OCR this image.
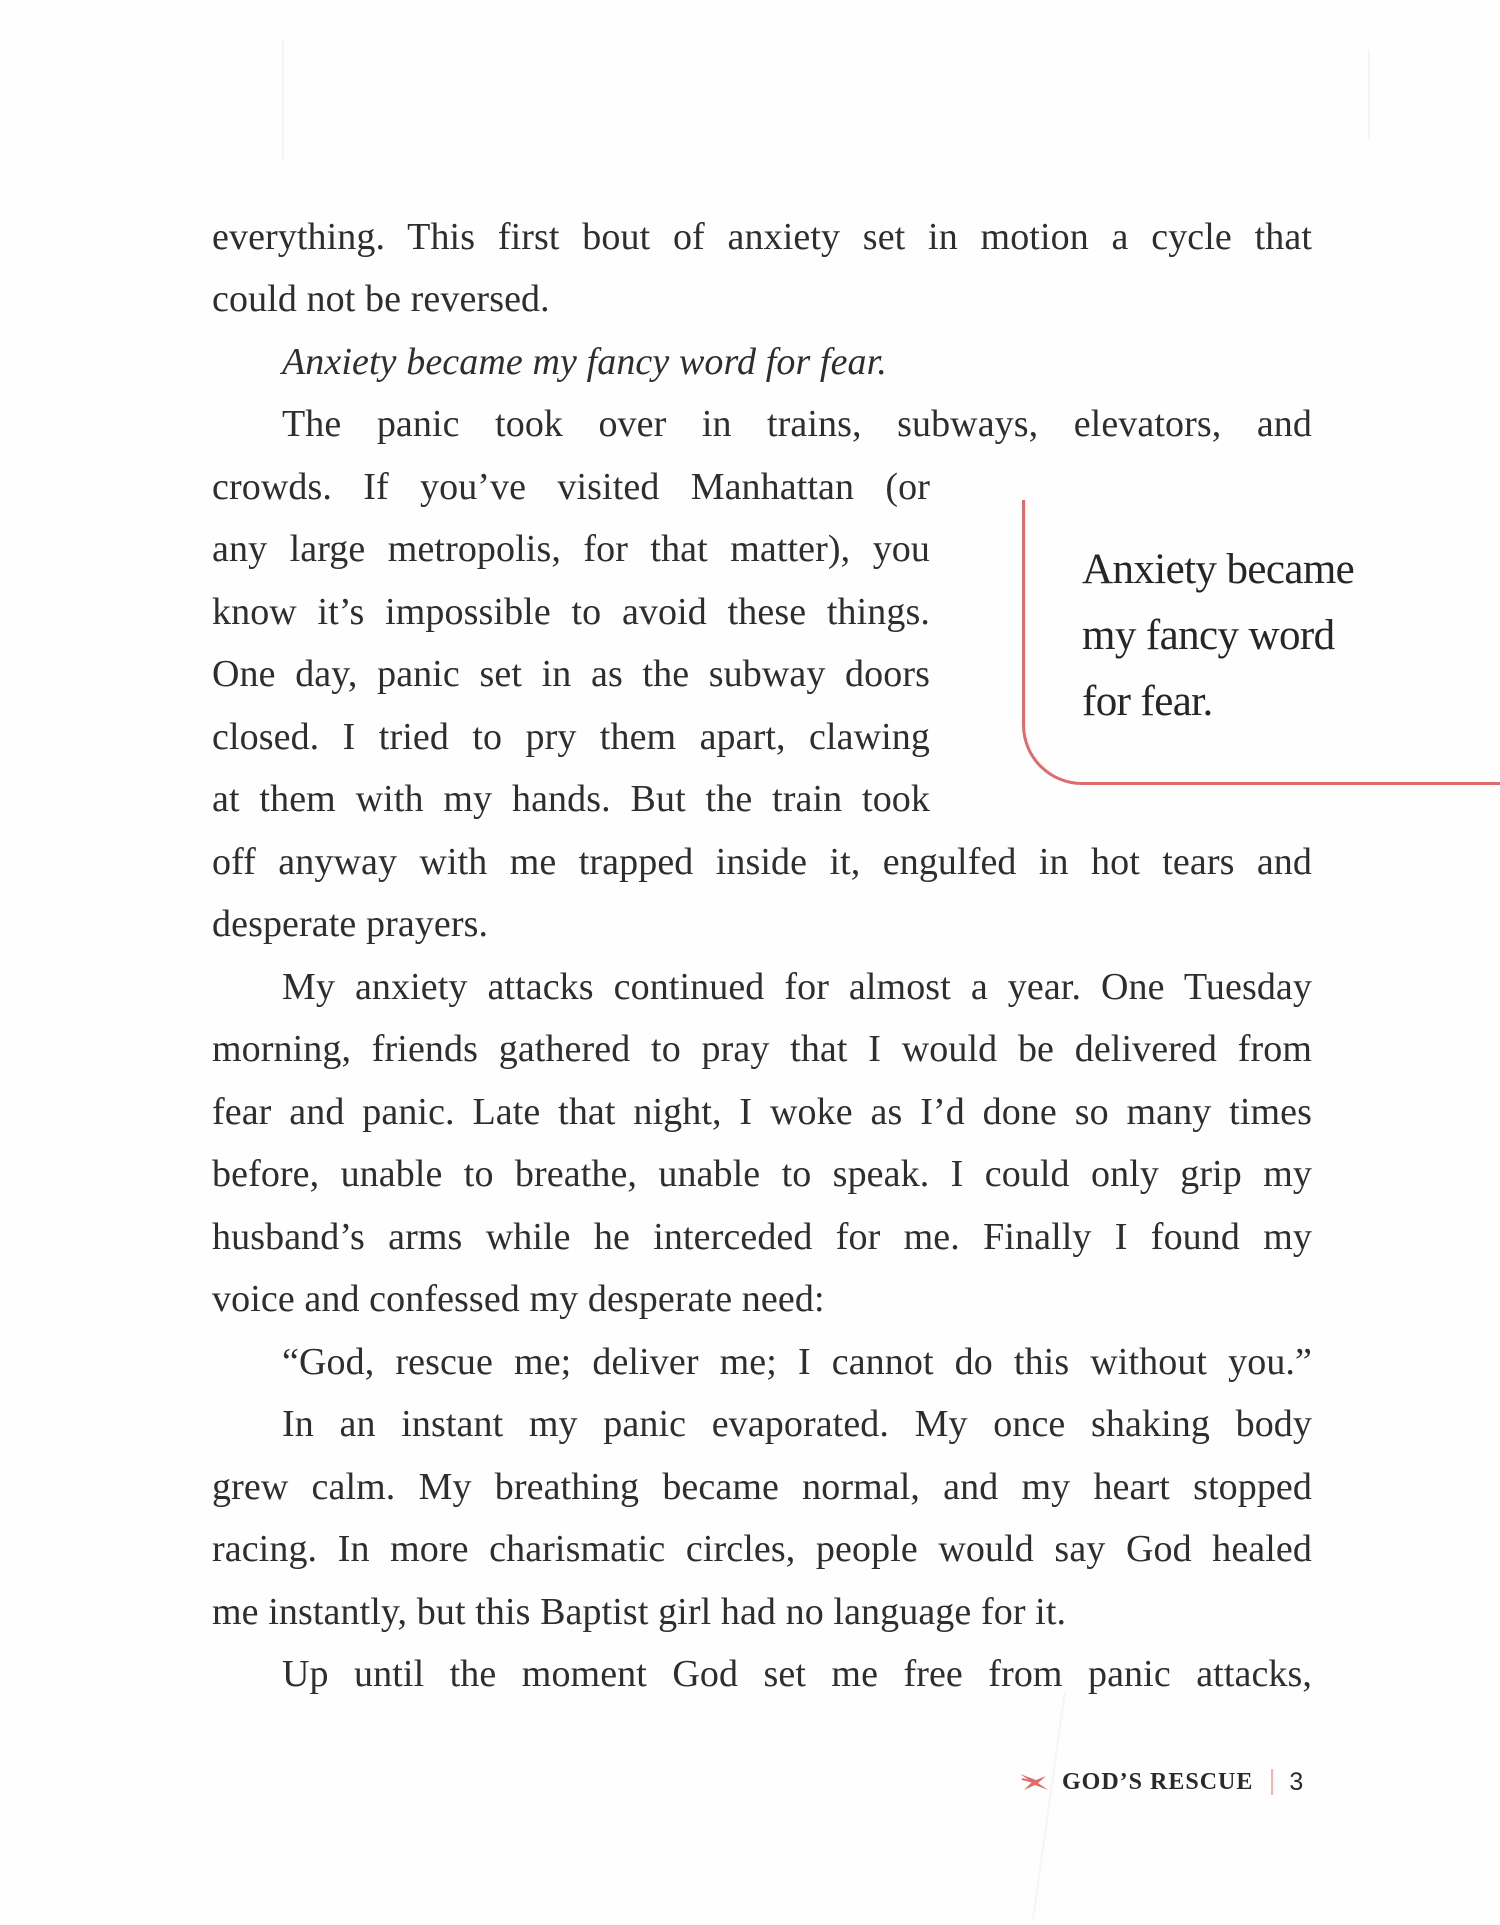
everything. This first bout of anxiety set in motion a cycle that
could not be reversed.
Anxiety became my fancy word for fear.
The panic took over in trains, subways, elevators, and
crowds. If you’ve visited Manhattan (or
any large metropolis, for that matter), you
know it’s impossible to avoid these things.
One day, panic set in as the subway doors
closed. I tried to pry them apart, clawing
at them with my hands. But the train took
off anyway with me trapped inside it, engulfed in hot tears and
desperate prayers.
My anxiety attacks continued for almost a year. One Tuesday
morning, friends gathered to pray that I would be delivered from
fear and panic. Late that night, I woke as I’d done so many times
before, unable to breathe, unable to speak. I could only grip my
husband’s arms while he interceded for me. Finally I found my
voice and confessed my desperate need:
“God, rescue me; deliver me; I cannot do this without you.”
In an instant my panic evaporated. My once shaking body
grew calm. My breathing became normal, and my heart stopped
racing. In more charismatic circles, people would say God healed
me instantly, but this Baptist girl had no language for it.
Up until the moment God set me free from panic attacks,
Anxiety became
my fancy word
for fear.
GOD’S RESCUE 3
